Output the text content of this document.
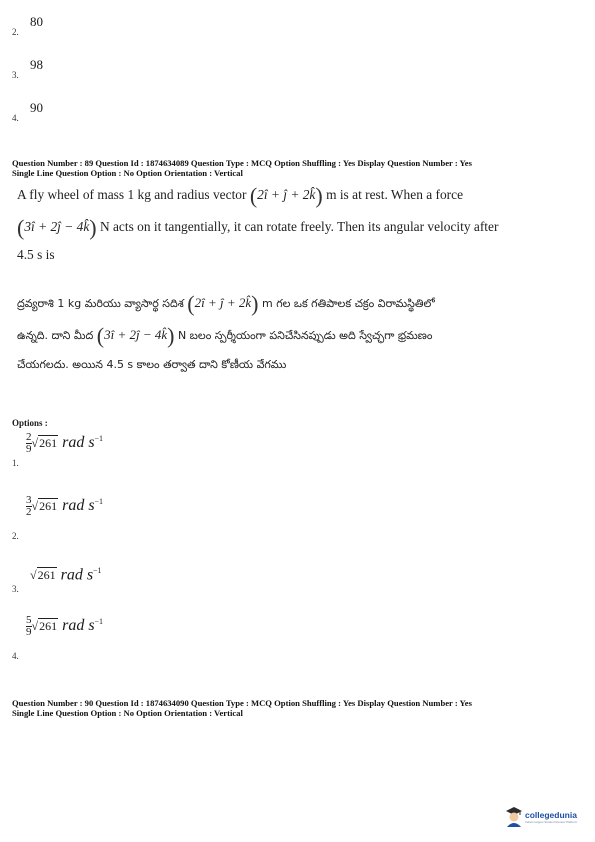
2.
80
3.
98
4.
90
Question Number : 89 Question Id : 1874634089 Question Type : MCQ Option Shuffling : Yes Display Question Number : Yes
Single Line Question Option : No Option Orientation : Vertical
A fly wheel of mass 1 kg and radius vector (2î + ĵ + 2k̂) m is at rest. When a force
(3î + 2ĵ − 4k̂) N acts on it tangentially, it can rotate freely. Then its angular velocity after
4.5 s is
ద్రవ్యరాశి 1 kg మరియు వ్యాసార్థ సదిశ (2î + ĵ + 2k̂) m గల ఒక గతిపాలక చక్రం విరామస్థితిలో
ఉన్నది. దాని మీద (3î + 2ĵ − 4k̂) N బలం స్పర్శీయంగా పనిచేసినప్పుడు అది స్వేచ్ఛగా భ్రమణం
చేయగలదు. అయిన 4.5 s కాలం తర్వాత దాని కోణీయ వేగము
Options :
1.
$\frac{2}{9} √261$ rad $s^{-1}$
2.
$\frac{3}{2} √261$ rad $s^{-1}$
3.
√261 rad $s^{-1}$
4.
$\frac{5}{9} √261$ rad $s^{-1}$
Question Number : 90 Question Id : 1874634090 Question Type : MCQ Option Shuffling : Yes Display Question Number : Yes
Single Line Question Option : No Option Orientation : Vertical
collegedunia
India's largest Student Review Platform
